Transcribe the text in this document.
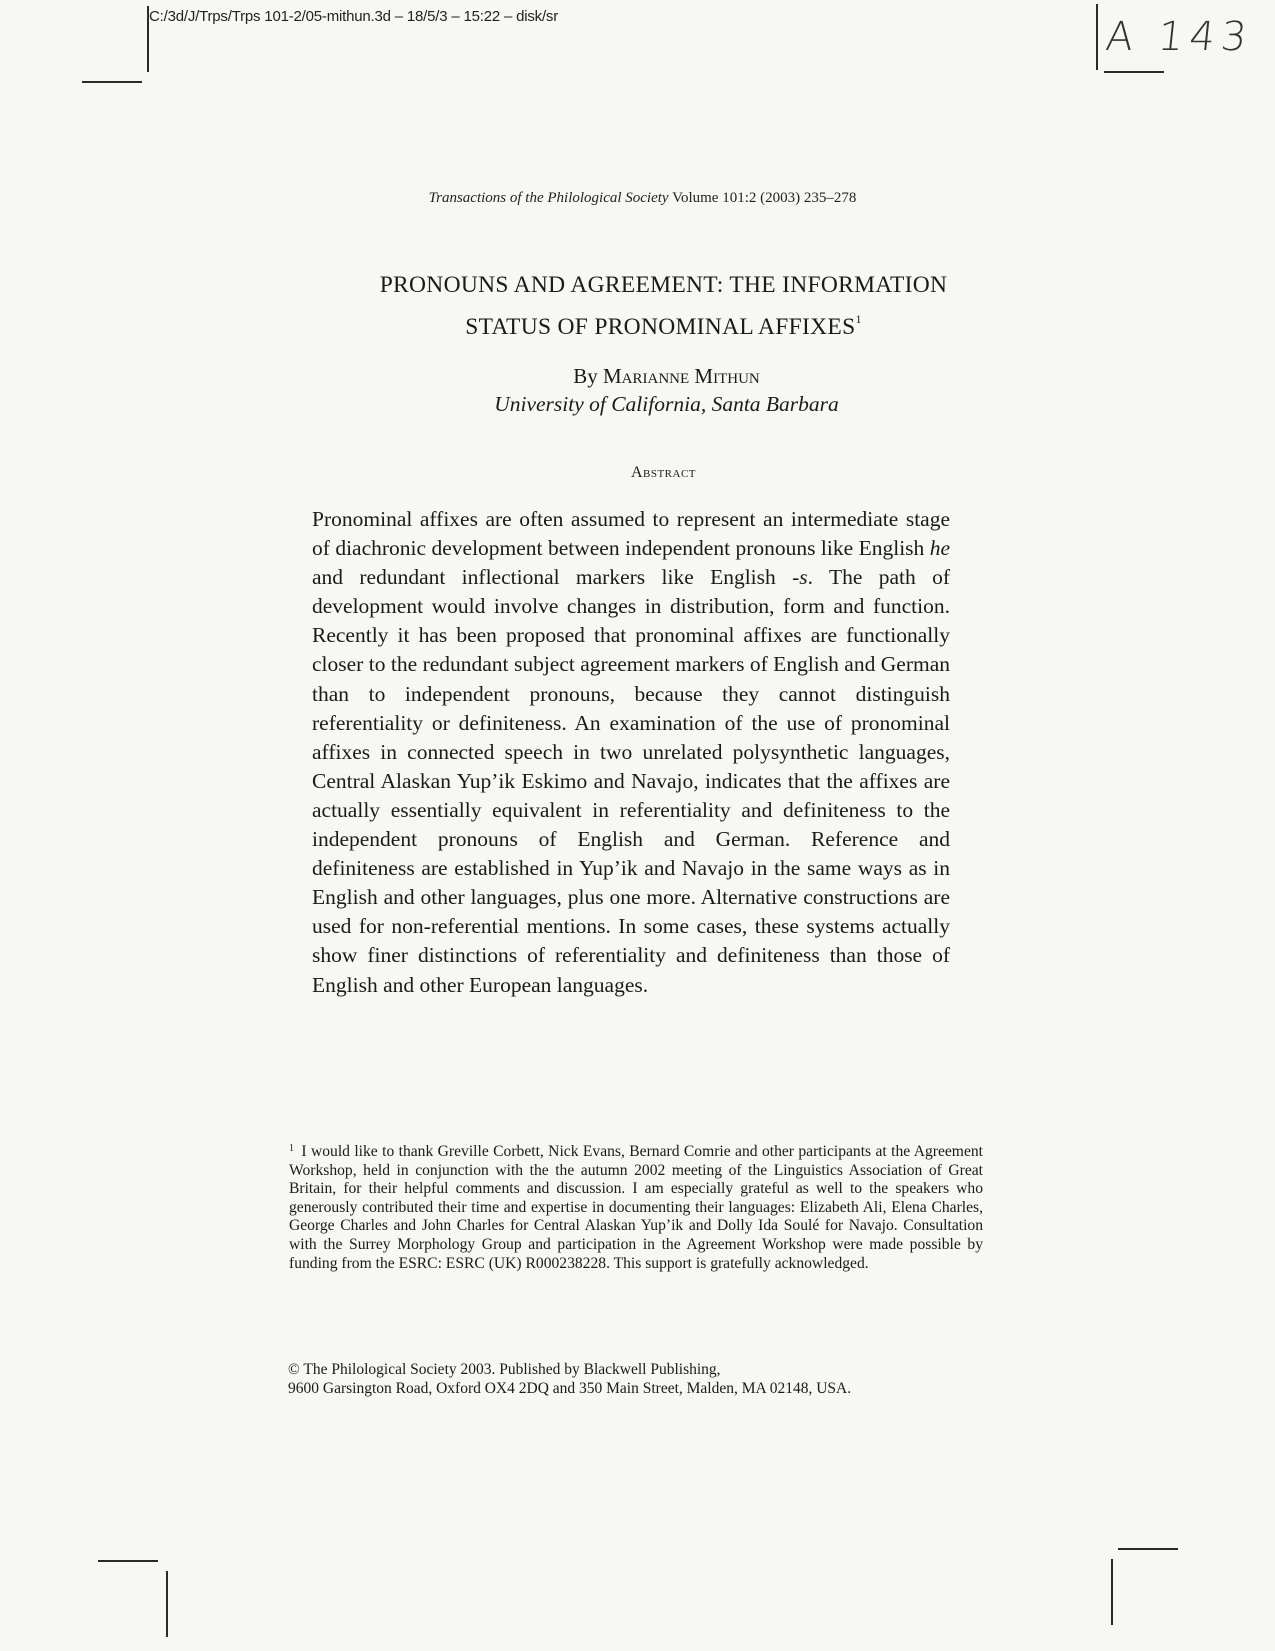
C:/3d/J/Trps/Trps 101-2/05-mithun.3d – 18/5/3 – 15:22 – disk/sr	A 143
Transactions of the Philological Society Volume 101:2 (2003) 235–278
PRONOUNS AND AGREEMENT: THE INFORMATION
STATUS OF PRONOMINAL AFFIXES$^1$
By Marianne Mithun
University of California, Santa Barbara
Abstract
Pronominal affixes are often assumed to represent an intermediate stage of diachronic development between independent pronouns like English he and redundant inflectional markers like English -s. The path of development would involve changes in distribution, form and function. Recently it has been proposed that pronominal affixes are functionally closer to the redundant subject agreement markers of English and German than to independent pronouns, because they cannot distinguish referentiality or definiteness. An examination of the use of pronominal affixes in connected speech in two unrelated polysynthetic languages, Central Alaskan Yup’ik Eskimo and Navajo, indicates that the affixes are actually essentially equivalent in referentiality and definiteness to the independent pronouns of English and German. Reference and definiteness are established in Yup’ik and Navajo in the same ways as in English and other languages, plus one more. Alternative constructions are used for non-referential mentions. In some cases, these systems actually show finer distinctions of referentiality and definiteness than those of English and other European languages.
$^1$ I would like to thank Greville Corbett, Nick Evans, Bernard Comrie and other participants at the Agreement Workshop, held in conjunction with the the autumn 2002 meeting of the Linguistics Association of Great Britain, for their helpful comments and discussion. I am especially grateful as well to the speakers who generously contributed their time and expertise in documenting their languages: Elizabeth Ali, Elena Charles, George Charles and John Charles for Central Alaskan Yup’ik and Dolly Ida Soulé for Navajo. Consultation with the Surrey Morphology Group and participation in the Agreement Workshop were made possible by funding from the ESRC: ESRC (UK) R000238228. This support is gratefully acknowledged.
© The Philological Society 2003. Published by Blackwell Publishing,
9600 Garsington Road, Oxford OX4 2DQ and 350 Main Street, Malden, MA 02148, USA.
